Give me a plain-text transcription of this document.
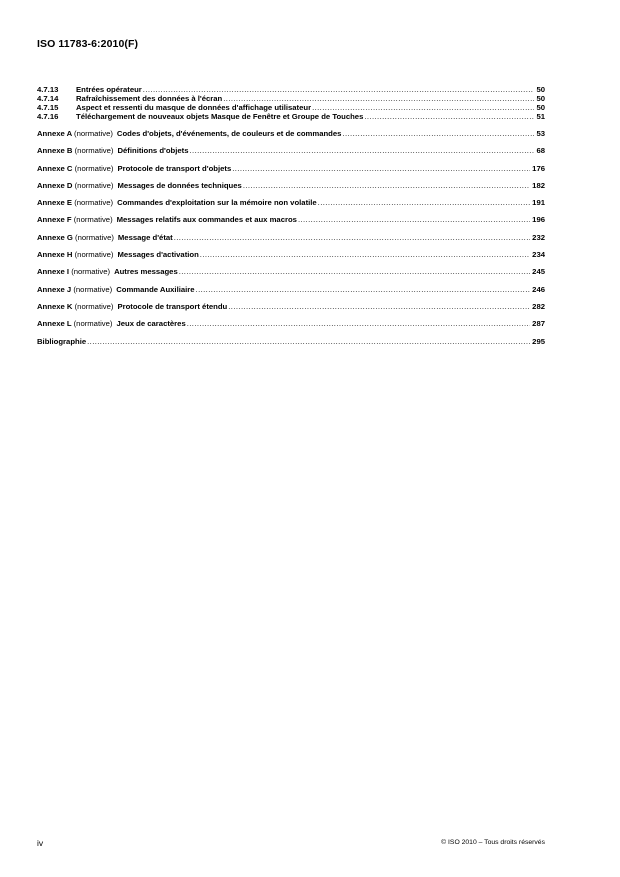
ISO 11783-6:2010(F)
4.7.13	Entrées opérateur .....	50
4.7.14	Rafraîchissement des données à l'écran .....	50
4.7.15	Aspect et ressenti du masque de données d'affichage utilisateur .....	50
4.7.16	Téléchargement de nouveaux objets Masque de Fenêtre et Groupe de Touches .....	51
Annexe A (normative) Codes d'objets, d'événements, de couleurs et de commandes .....	53
Annexe B (normative) Définitions d'objets .....	68
Annexe C (normative) Protocole de transport d'objets .....	176
Annexe D (normative) Messages de données techniques .....	182
Annexe E (normative) Commandes d'exploitation sur la mémoire non volatile .....	191
Annexe F (normative) Messages relatifs aux commandes et aux macros .....	196
Annexe G (normative) Message d'état .....	232
Annexe H (normative) Messages d'activation .....	234
Annexe I (normative) Autres messages .....	245
Annexe J (normative) Commande Auxiliaire .....	246
Annexe K (normative) Protocole de transport étendu .....	282
Annexe L (normative) Jeux de caractères .....	287
Bibliographie .....	295
iv	© ISO 2010 – Tous droits réservés
